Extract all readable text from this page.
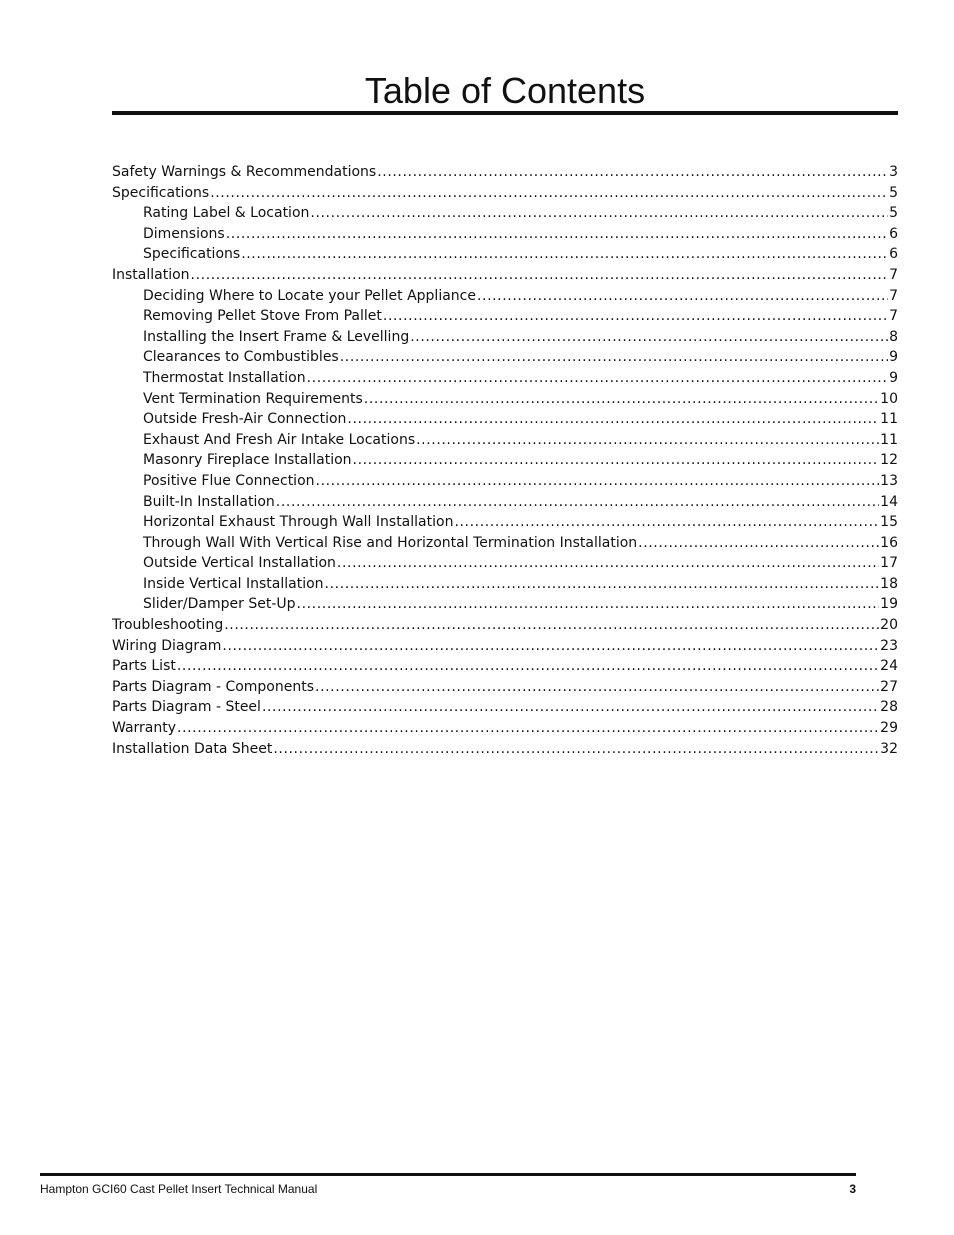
Table of Contents
Safety Warnings & Recommendations .....	3
Specifications .....	5
Rating Label & Location .....	5
Dimensions .....	6
Specifications .....	6
Installation .....	7
Deciding Where to Locate your Pellet Appliance .....	7
Removing Pellet Stove From Pallet .....	7
Installing the Insert Frame & Levelling .....	8
Clearances to Combustibles .....	9
Thermostat Installation .....	9
Vent Termination Requirements .....	10
Outside Fresh-Air Connection .....	11
Exhaust And Fresh Air Intake Locations .....	11
Masonry Fireplace Installation .....	12
Positive Flue Connection .....	13
Built-In Installation .....	14
Horizontal Exhaust Through Wall Installation .....	15
Through Wall With Vertical Rise and Horizontal Termination Installation .....	16
Outside Vertical Installation .....	17
Inside Vertical Installation .....	18
Slider/Damper Set-Up .....	19
Troubleshooting .....	20
Wiring Diagram .....	23
Parts List .....	24
Parts Diagram - Components .....	27
Parts Diagram - Steel .....	28
Warranty .....	29
Installation Data Sheet .....	32
Hampton GCI60 Cast Pellet Insert Technical Manual	3
